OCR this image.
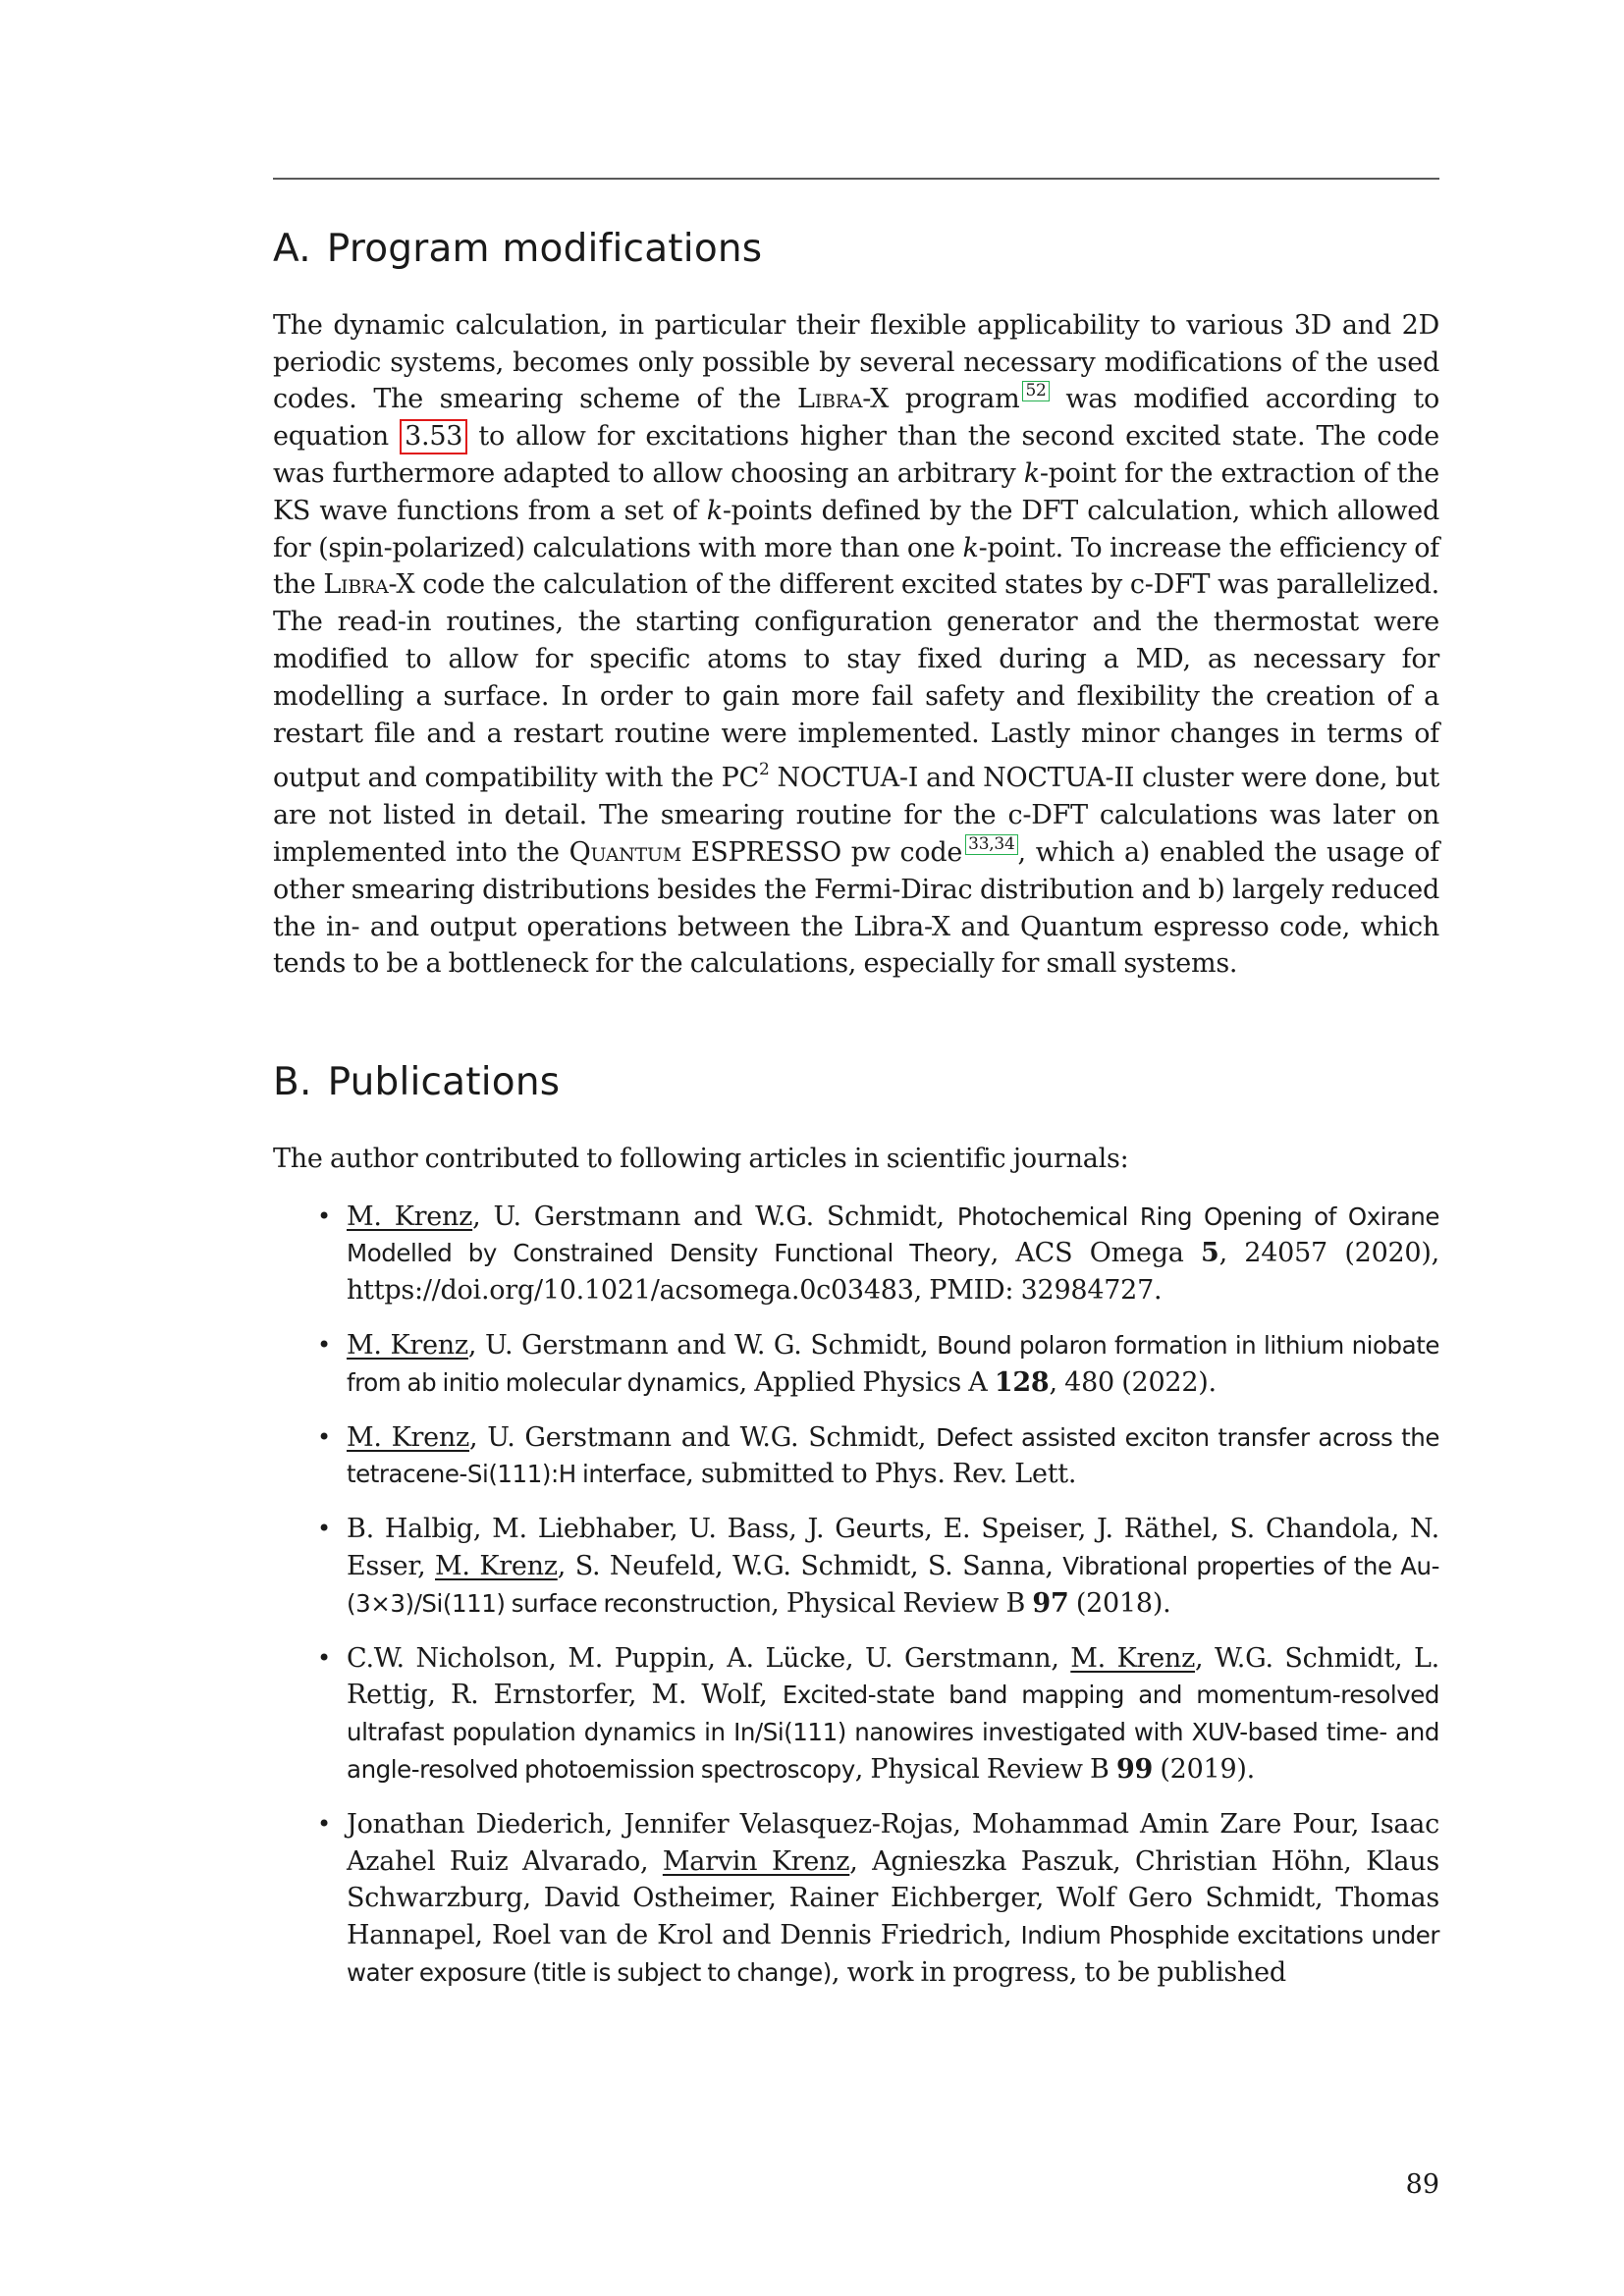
A. Program modifications

The dynamic calculation, in particular their flexible applicability to various 3D and 2D periodic systems, becomes only possible by several necessary modifications of the used codes. The smearing scheme of the Libra-X program 52 was modified according to equation 3.53 to allow for excitations higher than the second excited state. The code was furthermore adapted to allow choosing an arbitrary k-point for the extraction of the KS wave functions from a set of k-points defined by the DFT calculation, which allowed for (spin-polarized) calculations with more than one k-point. To increase the efficiency of the Libra-X code the calculation of the different excited states by c-DFT was parallelized. The read-in routines, the starting configuration generator and the thermostat were modified to allow for specific atoms to stay fixed during a MD, as necessary for modelling a surface. In order to gain more fail safety and flexibility the creation of a restart file and a restart routine were implemented. Lastly minor changes in terms of output and compatibility with the $PC^2$ NOCTUA-I and NOCTUA-II cluster were done, but are not listed in detail. The smearing routine for the c-DFT calculations was later on implemented into the Quantum ESPRESSO pw code 33,34 , which a) enabled the usage of other smearing distributions besides the Fermi-Dirac distribution and b) largely reduced the in- and output operations between the Libra-X and Quantum espresso code, which tends to be a bottleneck for the calculations, especially for small systems.

B. Publications

The author contributed to following articles in scientific journals:

• M. Krenz, U. Gerstmann and W.G. Schmidt, Photochemical Ring Opening of Oxirane Modelled by Constrained Density Functional Theory, ACS Omega 5, 24057 (2020), https://doi.org/10.1021/acsomega.0c03483, PMID: 32984727.
• M. Krenz, U. Gerstmann and W. G. Schmidt, Bound polaron formation in lithium niobate from ab initio molecular dynamics, Applied Physics A 128, 480 (2022).
• M. Krenz, U. Gerstmann and W.G. Schmidt, Defect assisted exciton transfer across the tetracene-Si(111):H interface, submitted to Phys. Rev. Lett.
• B. Halbig, M. Liebhaber, U. Bass, J. Geurts, E. Speiser, J. Räthel, S. Chandola, N. Esser, M. Krenz, S. Neufeld, W.G. Schmidt, S. Sanna, Vibrational properties of the Au-(3×3)/Si(111) surface reconstruction, Physical Review B 97 (2018).
• C.W. Nicholson, M. Puppin, A. Lücke, U. Gerstmann, M. Krenz, W.G. Schmidt, L. Rettig, R. Ernstorfer, M. Wolf, Excited-state band mapping and momentum-resolved ultrafast population dynamics in In/Si(111) nanowires investigated with XUV-based time- and angle-resolved photoemission spectroscopy, Physical Review B 99 (2019).
• Jonathan Diederich, Jennifer Velasquez-Rojas, Mohammad Amin Zare Pour, Isaac Azahel Ruiz Alvarado, Marvin Krenz, Agnieszka Paszuk, Christian Höhn, Klaus Schwarzburg, David Ostheimer, Rainer Eichberger, Wolf Gero Schmidt, Thomas Hannapel, Roel van de Krol and Dennis Friedrich, Indium Phosphide excitations under water exposure (title is subject to change), work in progress, to be published
89
